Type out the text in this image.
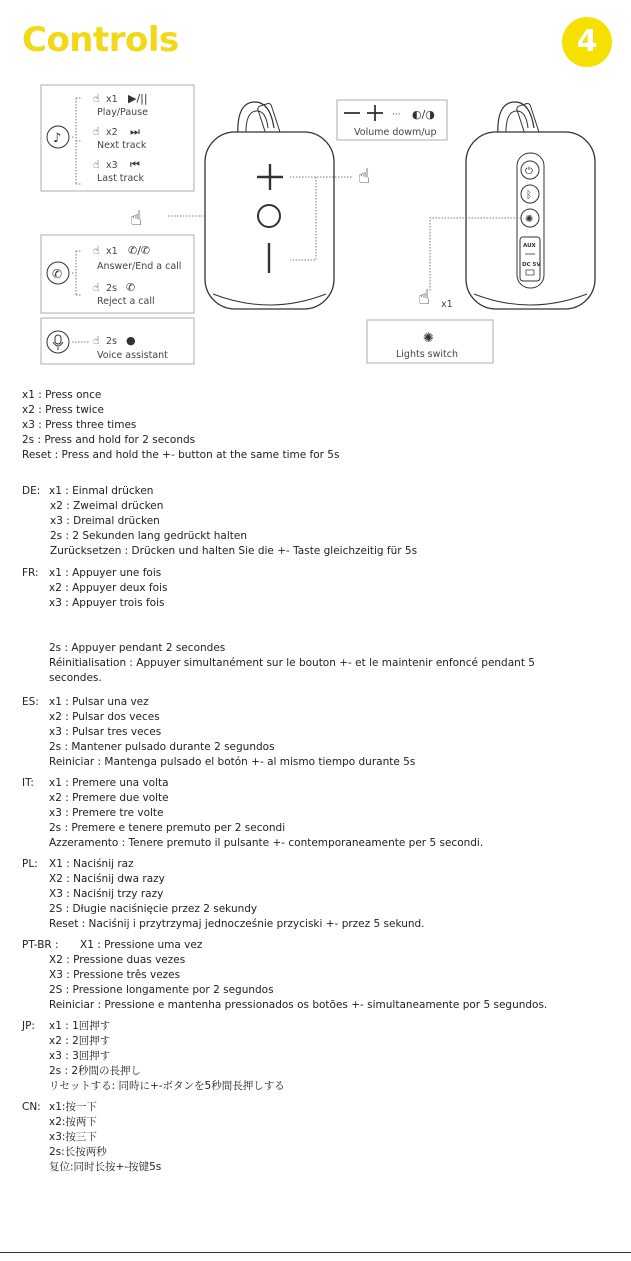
Controls	4
♪
☝ x1 ▶/||
Play/Pause
☝ x2 ⏭
Next track
☝ x3 ⏮
Last track
☝
✆
☝ x1 ✆/✆
Answer/End a call
☝ 2s ✆
Reject a call
☝ 2s ●
Voice assistant
☝
··· ◐/◑
Volume dowm/up
⏻
ᛒ
✺
AUX
DC 5V
☝ x1
✺
Lights switch
x1 : Press once
x2 : Press twice
x3 : Press three times
2s : Press and hold for 2 seconds
Reset : Press and hold the +- button at the same time for 5s
DE: x1 : Einmal drücken
x2 : Zweimal drücken
x3 : Dreimal drücken
2s : 2 Sekunden lang gedrückt halten
Zurücksetzen : Drücken und halten Sie die +- Taste gleichzeitig für 5s
FR: x1 : Appuyer une fois
x2 : Appuyer deux fois
x3 : Appuyer trois fois
2s : Appuyer pendant 2 secondes
Réinitialisation : Appuyer simultanément sur le bouton +- et le maintenir enfoncé pendant 5
secondes.
ES: x1 : Pulsar una vez
x2 : Pulsar dos veces
x3 : Pulsar tres veces
2s : Mantener pulsado durante 2 segundos
Reiniciar : Mantenga pulsado el botón +- al mismo tiempo durante 5s
IT: x1 : Premere una volta
x2 : Premere due volte
x3 : Premere tre volte
2s : Premere e tenere premuto per 2 secondi
Azzeramento : Tenere premuto il pulsante +- contemporaneamente per 5 secondi.
PL: X1 : Naciśnij raz
X2 : Naciśnij dwa razy
X3 : Naciśnij trzy razy
2S : Długie naciśnięcie przez 2 sekundy
Reset : Naciśnij i przytrzymaj jednocześnie przyciski +- przez 5 sekund.
PT-BR : X1 : Pressione uma vez
X2 : Pressione duas vezes
X3 : Pressione três vezes
2S : Pressione longamente por 2 segundos
Reiniciar : Pressione e mantenha pressionados os botões +- simultaneamente por 5 segundos.
JP: x1 : 1回押す
x2 : 2回押す
x3 : 3回押す
2s : 2秒間の長押し
リセットする: 同時に+-ボタンを5秒間長押しする
CN: x1:按一下
x2:按两下
x3:按三下
2s:长按两秒
复位:同时长按+-按键5s
